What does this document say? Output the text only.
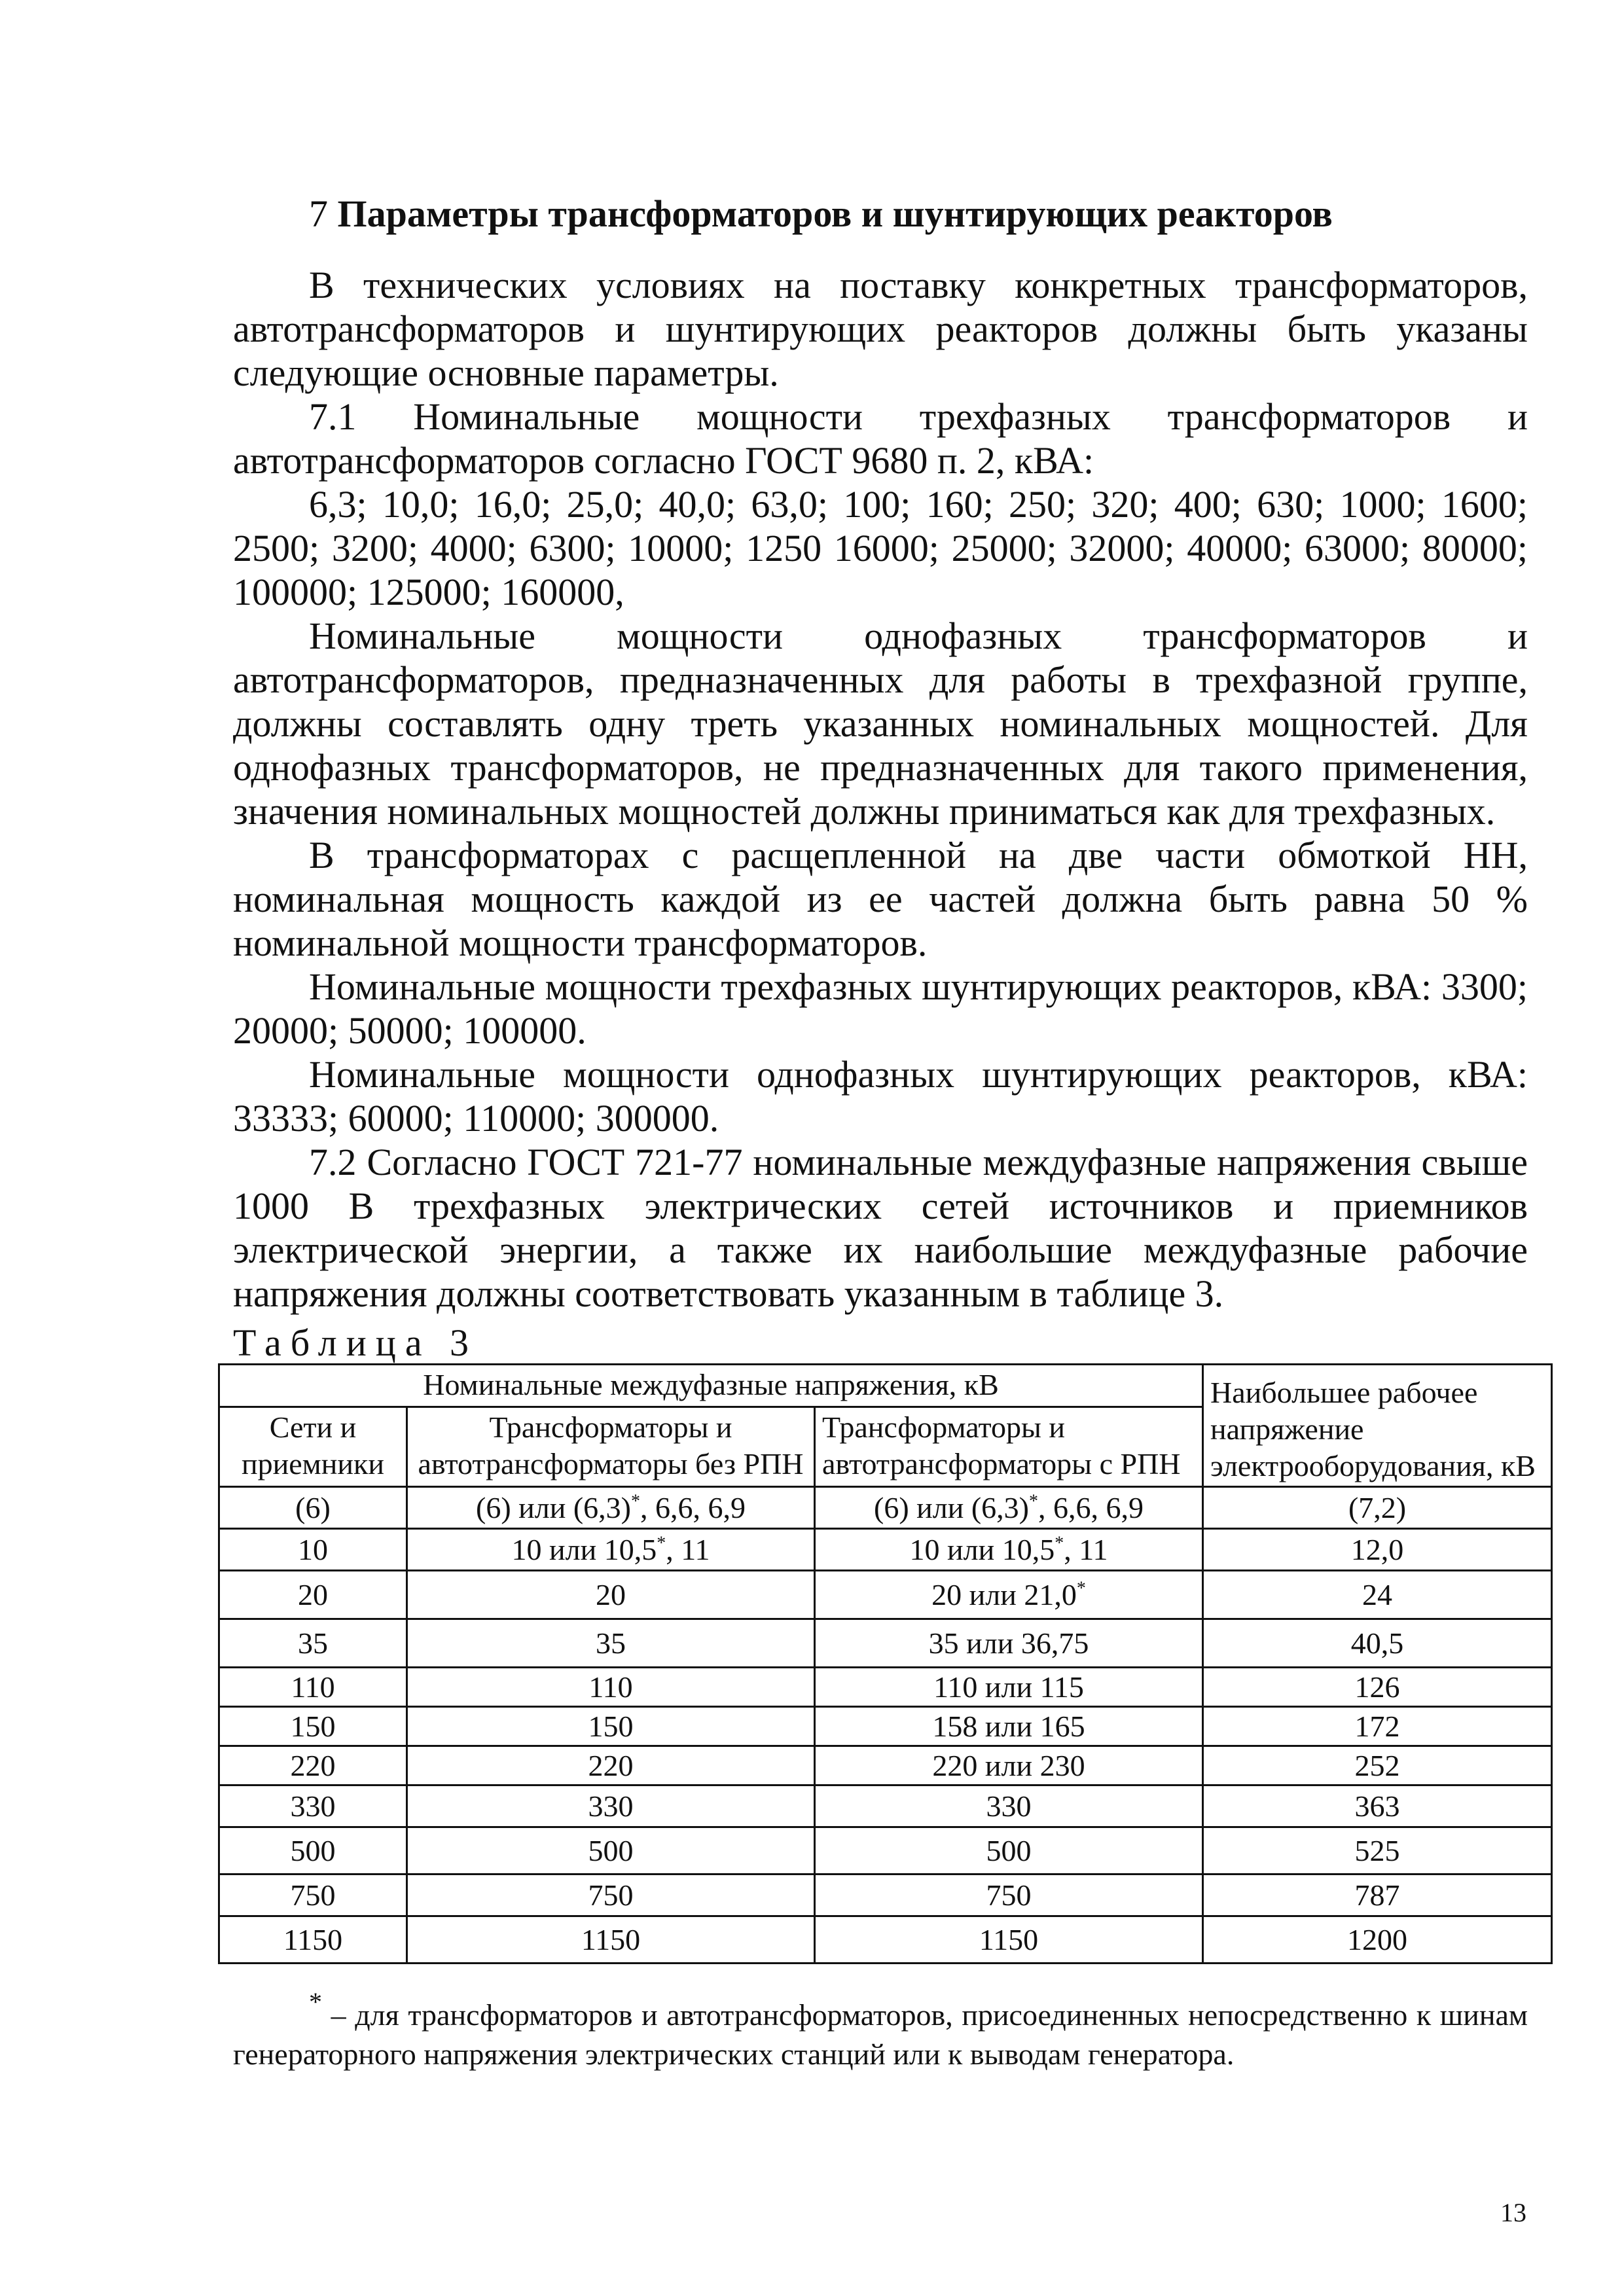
7 Параметры трансформаторов и шунтирующих реакторов

В технических условиях на поставку конкретных трансформаторов, автотрансформаторов и шунтирующих реакторов должны быть указаны следующие основные параметры.

7.1 Номинальные мощности трехфазных трансформаторов и автотрансформаторов согласно ГОСТ 9680 п. 2, кВА:

6,3; 10,0; 16,0; 25,0; 40,0; 63,0; 100; 160; 250; 320; 400; 630; 1000; 1600; 2500; 3200; 4000; 6300; 10000; 1250 16000; 25000; 32000; 40000; 63000; 80000; 100000; 125000; 160000,

Номинальные мощности однофазных трансформаторов и автотрансформаторов, предназначенных для работы в трехфазной группе, должны составлять одну треть указанных номинальных мощностей. Для однофазных трансформаторов, не предназначенных для такого применения, значения номинальных мощностей должны приниматься как для трехфазных.

В трансформаторах с расщепленной на две части обмоткой НН, номинальная мощность каждой из ее частей должна быть равна 50 % номинальной мощности трансформаторов.

Номинальные мощности трехфазных шунтирующих реакторов, кВА: 3300; 20000; 50000; 100000.

Номинальные мощности однофазных шунтирующих реакторов, кВА: 33333; 60000; 110000; 300000.

7.2 Согласно ГОСТ 721-77 номинальные междуфазные напряжения свыше 1000 В трехфазных электрических сетей источников и приемников электрической энергии, а также их наибольшие междуфазные рабочие напряжения должны соответствовать указанным в таблице 3.

Таблица 3
Номинальные междуфазные напряжения, кВ			Наибольшее рабочее напряжение электрооборудования, кВ
Сети и приемники	Трансформаторы и автотрансформаторы без РПН	Трансформаторы и автотрансформаторы с РПН	
(6)	(6) или (6,3)*, 6,6, 6,9	(6) или (6,3)*, 6,6, 6,9	(7,2)
10	10 или 10,5*, 11	10 или 10,5*, 11	12,0
20	20	20 или 21,0*	24
35	35	35 или 36,75	40,5
110	110	110 или 115	126
150	150	158 или 165	172
220	220	220 или 230	252
330	330	330	363
500	500	500	525
750	750	750	787
1150	1150	1150	1200

* – для трансформаторов и автотрансформаторов, присоединенных непосредственно к шинам генераторного напряжения электрических станций или к выводам генератора.

13
